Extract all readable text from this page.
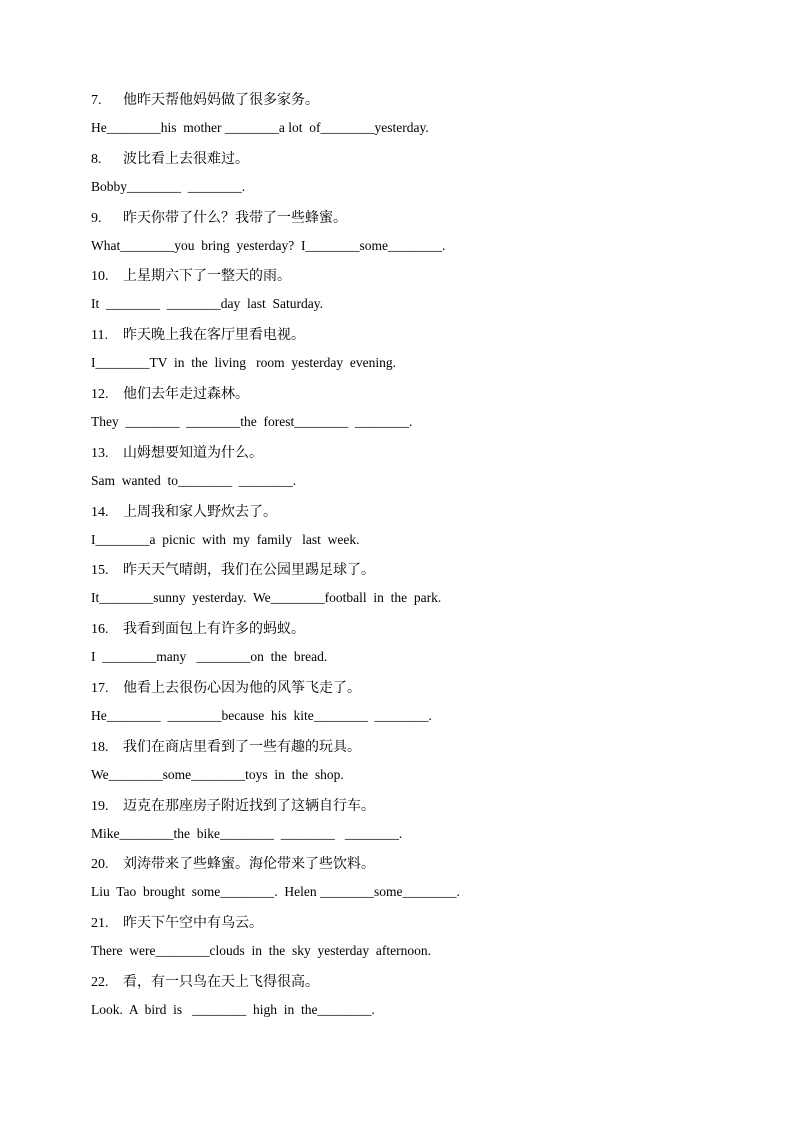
7. 他昨天帮他妈妈做了很多家务。
He________his  mother ________a lot  of________yesterday.
8. 波比看上去很难过。
Bobby________  ________.
9. 昨天你带了什么？我带了一些蜂蜜。
What________you  bring  yesterday?  I________some________.
10. 上星期六下了一整天的雨。
It  ________  ________day  last  Saturday.
11. 昨天晚上我在客厅里看电视。
I________TV  in  the  living   room  yesterday  evening.
12. 他们去年走过森林。
They  ________  ________the  forest________  ________.
13. 山姆想要知道为什么。
Sam  wanted  to________  ________.
14. 上周我和家人野炊去了。
I________a  picnic  with  my  family   last  week.
15. 昨天天气晴朗，我们在公园里踢足球了。
It________sunny  yesterday.  We________football  in  the  park.
16. 我看到面包上有许多的蚂蚁。
I  ________many   ________on  the  bread.
17. 他看上去很伤心因为他的风筝飞走了。
He________  ________because  his  kite________  ________.
18. 我们在商店里看到了一些有趣的玩具。
We________some________toys  in  the  shop.
19. 迈克在那座房子附近找到了这辆自行车。
Mike________the  bike________  ________   ________.
20. 刘涛带来了些蜂蜜。海伦带来了些饮料。
Liu  Tao  brought  some________.  Helen ________some________.
21. 昨天下午空中有乌云。
There  were________clouds  in  the  sky  yesterday  afternoon.
22. 看，有一只鸟在天上飞得很高。
Look.  A  bird  is   ________  high  in  the________.
